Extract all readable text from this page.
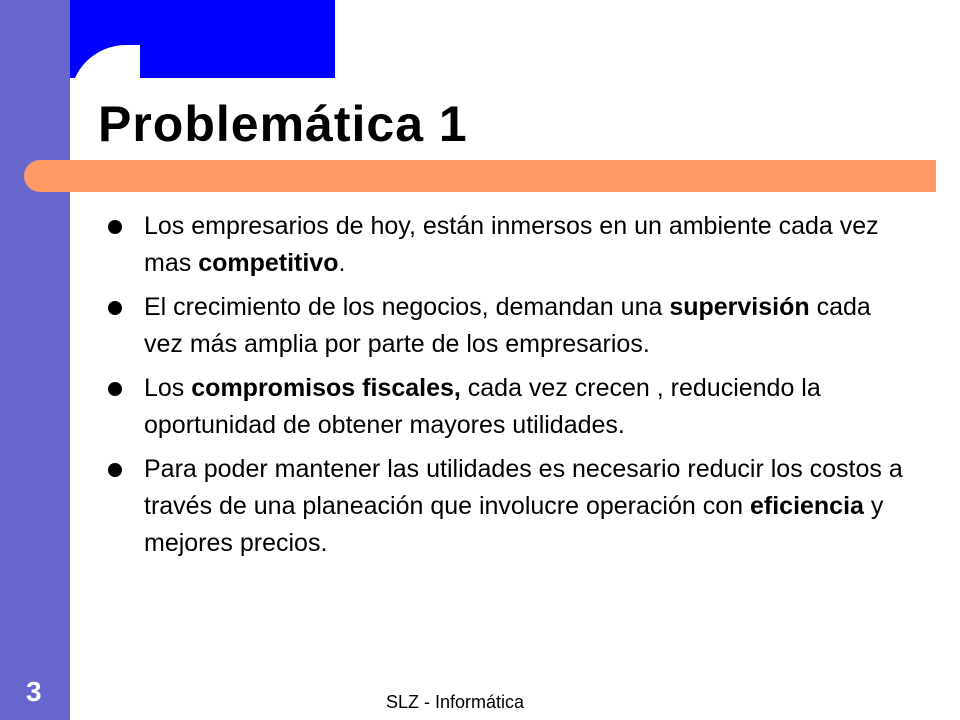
Problemática 1
Los empresarios de hoy, están inmersos en un ambiente cada vez mas competitivo.
El crecimiento de los negocios, demandan una supervisión cada vez más amplia por parte de los empresarios.
Los compromisos fiscales, cada vez crecen , reduciendo la oportunidad de obtener mayores utilidades.
Para poder mantener las utilidades es necesario reducir los costos a través de una planeación que involucre operación con eficiencia y mejores precios.
SLZ - Informática
3
